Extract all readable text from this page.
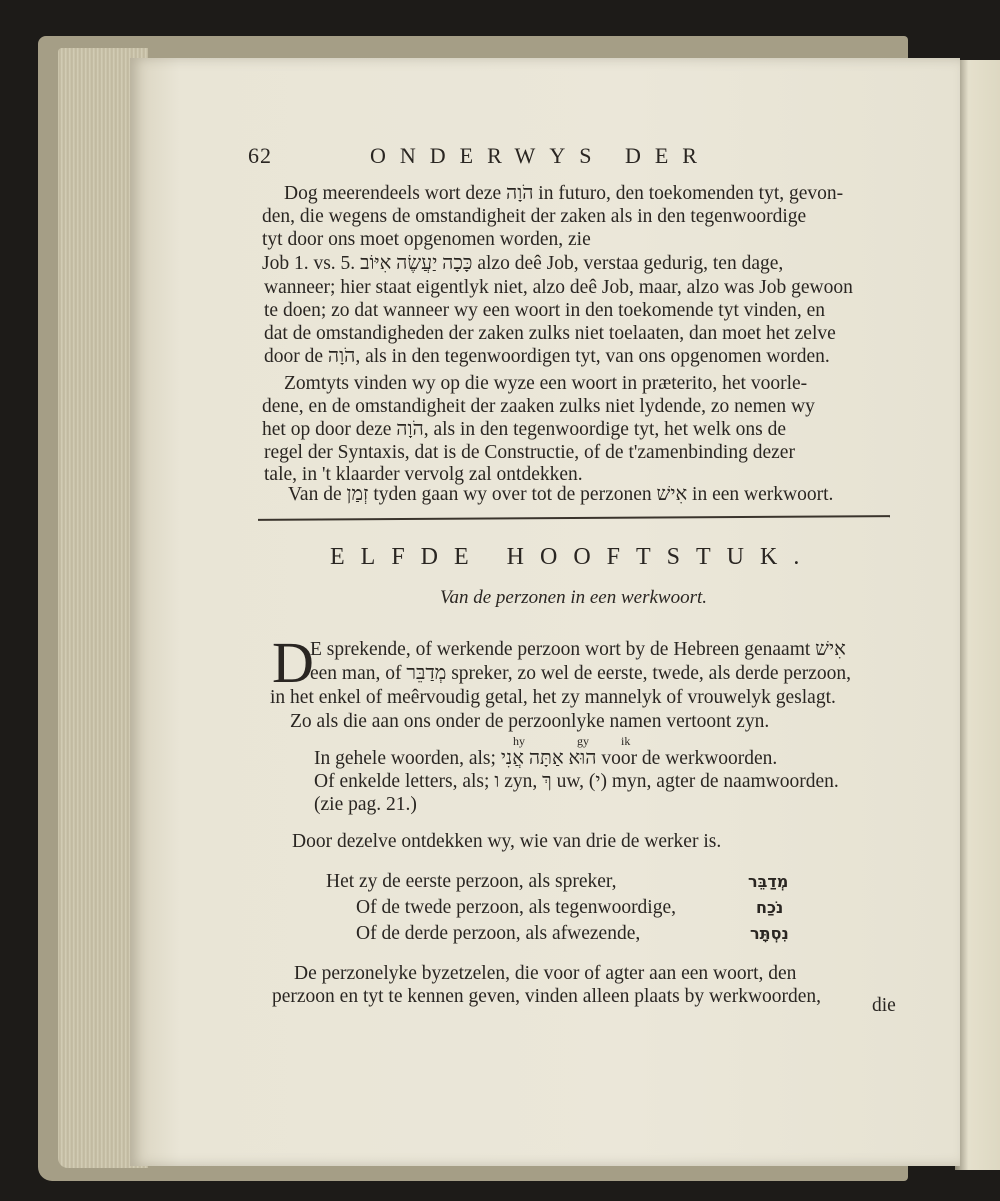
62	ONDERWYS DER
Dog meerendeels wort deze הֹוָה in futuro, den toekomenden tyt, gevon-
den, die wegens de omstandigheit der zaken als in den tegenwoordige
tyt door ons moet opgenomen worden, zie
Job 1. vs. 5. כָּכָה יַעֲשֶׂה אִיּוֹב alzo deê Job, verstaa gedurig, ten dage,
wanneer; hier staat eigentlyk niet, alzo deê Job, maar, alzo was Job gewoon
te doen; zo dat wanneer wy een woort in den toekomende tyt vinden, en
dat de omstandigheden der zaken zulks niet toelaaten, dan moet het zelve
door de הֹוָה, als in den tegenwoordigen tyt, van ons opgenomen worden.
Zomtyts vinden wy op die wyze een woort in præterito, het voorle-
dene, en de omstandigheit der zaaken zulks niet lydende, zo nemen wy
het op door deze הֹוָה, als in den tegenwoordige tyt, het welk ons de
regel der Syntaxis, dat is de Constructie, of de t'zamenbinding dezer
tale, in 't klaarder vervolg zal ontdekken.
Van de זְמַן tyden gaan wy over tot de perzonen אִישׁ in een werkwoort.
ELFDE HOOFTSTUK.
Van de perzonen in een werkwoort.
D
E sprekende, of werkende perzoon wort by de Hebreen genaamt אִישׁ
een man, of מְדַבֵּר spreker, zo wel de eerste, twede, als derde perzoon,
in het enkel of meêrvoudig getal, het zy mannelyk of vrouwelyk geslagt.
Zo als die aan ons onder de perzoonlyke namen vertoont zyn.
hy	gy	ik
In gehele woorden, als; הוּא אַתָּה אֲנִי voor de werkwoorden.
Of enkelde letters, als; ו zyn, ךְ uw, (י) myn, agter de naamwoorden.
(zie pag. 21.)
Door dezelve ontdekken wy, wie van drie de werker is.
Het zy de eerste perzoon, als spreker,	מְדַבֵּר
Of de twede perzoon, als tegenwoordige,	נֹכַח
Of de derde perzoon, als afwezende,	נִסְתָּר
De perzonelyke byzetzelen, die voor of agter aan een woort, den
perzoon en tyt te kennen geven, vinden alleen plaats by werkwoorden,	die
